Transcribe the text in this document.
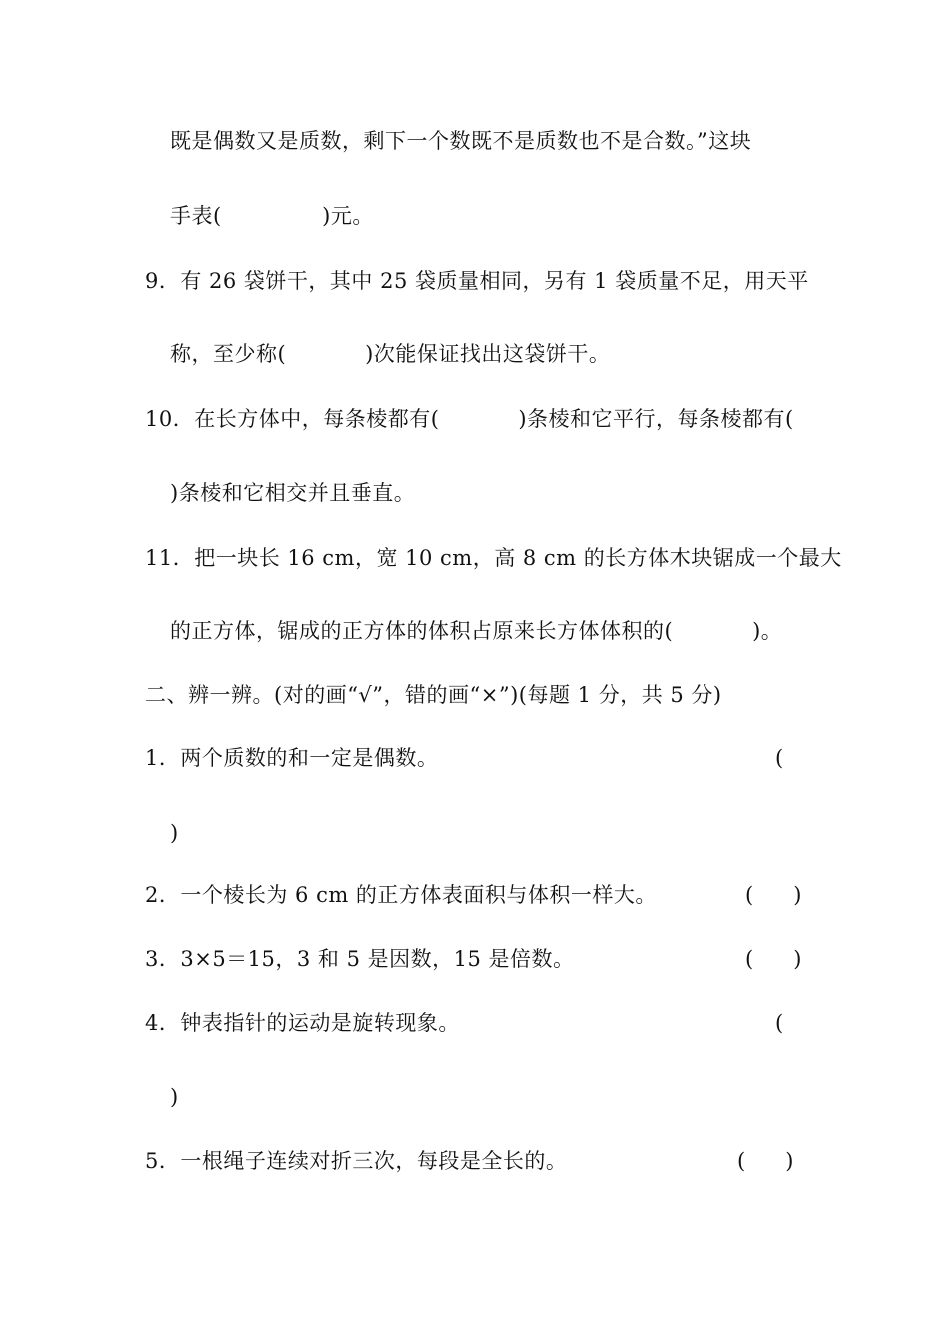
既是偶数又是质数，剩下一个数既不是质数也不是合数。”这块
手表(              )元。
9．有 26 袋饼干，其中 25 袋质量相同，另有 1 袋质量不足，用天平
称，至少称(           )次能保证找出这袋饼干。
10．在长方体中，每条棱都有(           )条棱和它平行，每条棱都有(
)条棱和它相交并且垂直。
11．把一块长 16 cm，宽 10 cm，高 8 cm 的长方体木块锯成一个最大
的正方体，锯成的正方体的体积占原来长方体体积的(           )。
二、辨一辨。(对的画“√”，错的画“×”)(每题 1 分，共 5 分)
1．两个质数的和一定是偶数。	(
)
2．一个棱长为 6 cm 的正方体表面积与体积一样大。	(      )
3．3×5＝15，3 和 5 是因数，15 是倍数。	(      )
4．钟表指针的运动是旋转现象。	(
)
5．一根绳子连续对折三次，每段是全长的。	(      )
